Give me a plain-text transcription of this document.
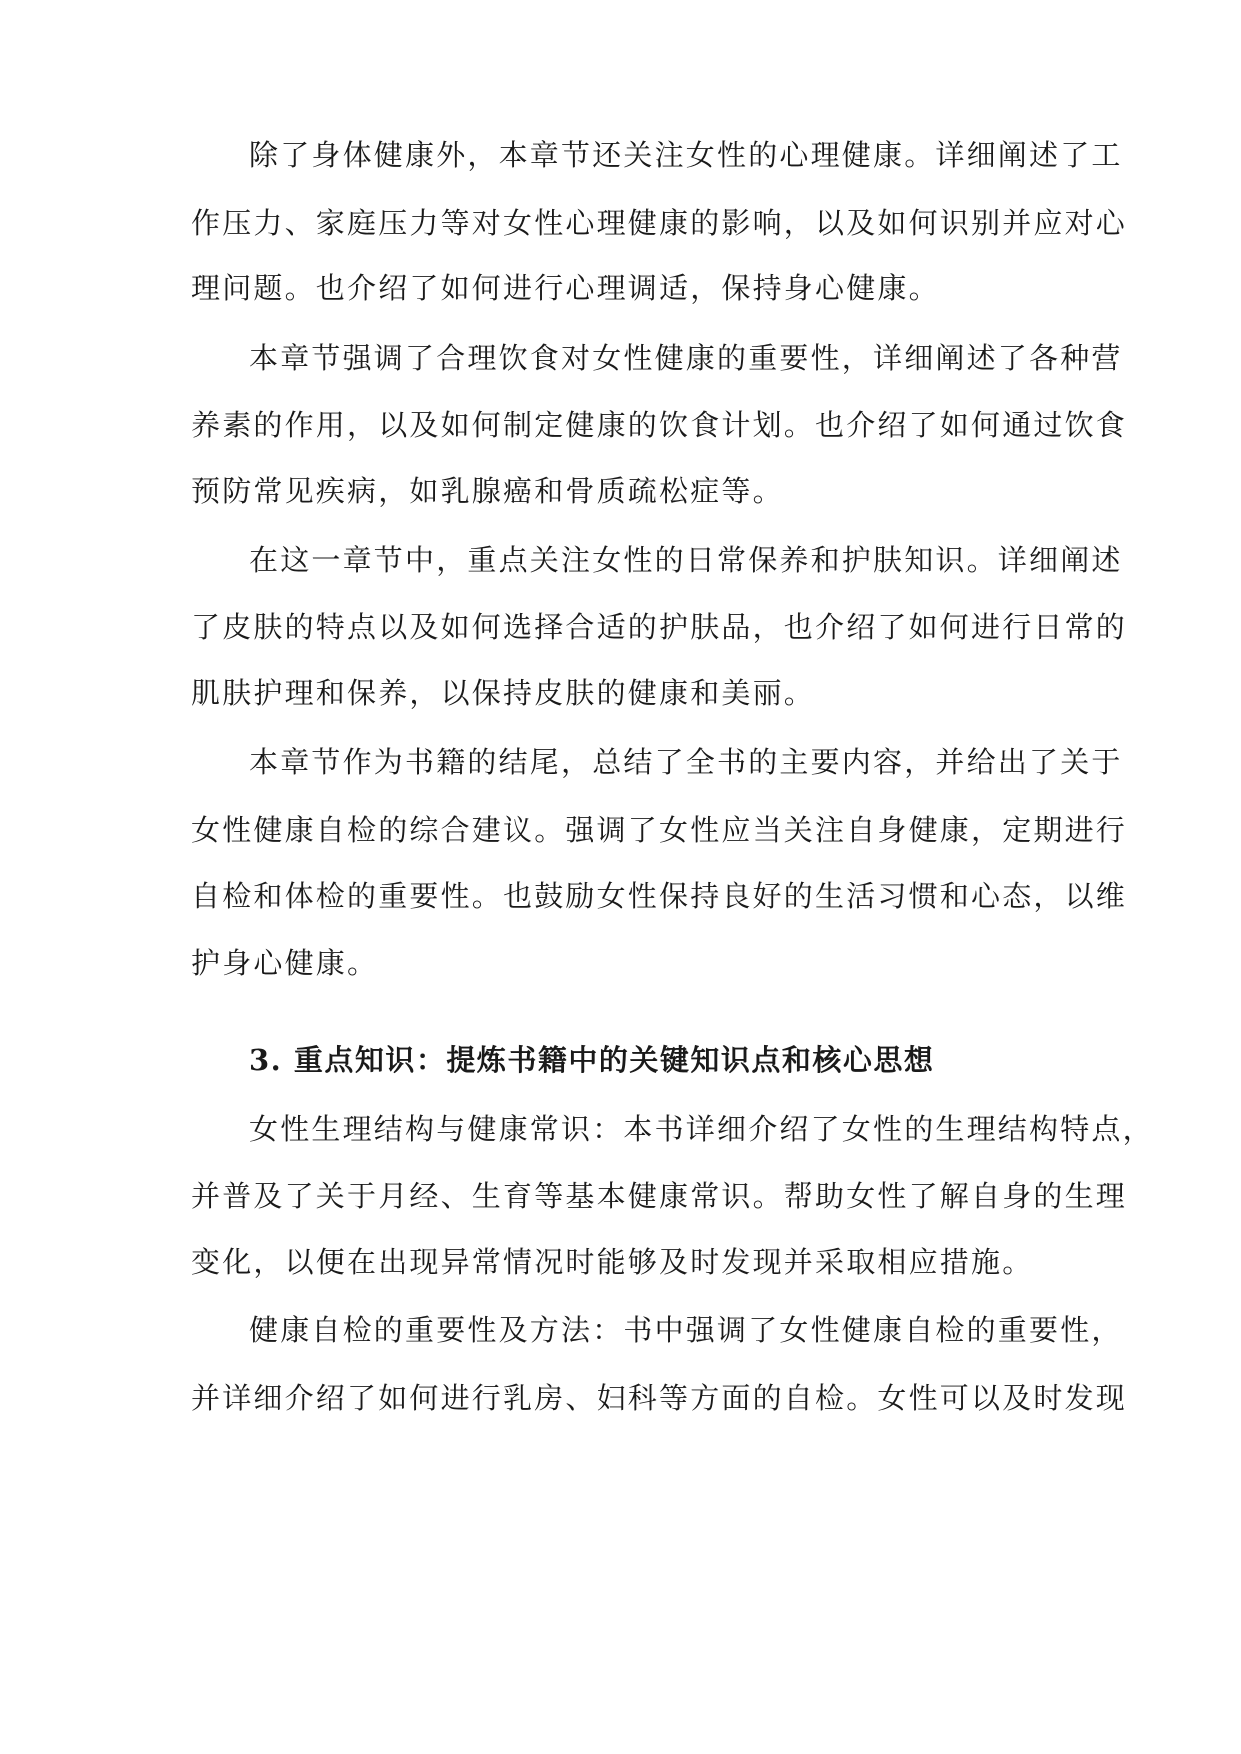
除了身体健康外，本章节还关注女性的心理健康。详细阐述了工
作压力、家庭压力等对女性心理健康的影响，以及如何识别并应对心
理问题。也介绍了如何进行心理调适，保持身心健康。
本章节强调了合理饮食对女性健康的重要性，详细阐述了各种营
养素的作用，以及如何制定健康的饮食计划。也介绍了如何通过饮食
预防常见疾病，如乳腺癌和骨质疏松症等。
在这一章节中，重点关注女性的日常保养和护肤知识。详细阐述
了皮肤的特点以及如何选择合适的护肤品，也介绍了如何进行日常的
肌肤护理和保养，以保持皮肤的健康和美丽。
本章节作为书籍的结尾，总结了全书的主要内容，并给出了关于
女性健康自检的综合建议。强调了女性应当关注自身健康，定期进行
自检和体检的重要性。也鼓励女性保持良好的生活习惯和心态，以维
护身心健康。
3. 重点知识：提炼书籍中的关键知识点和核心思想
女性生理结构与健康常识：本书详细介绍了女性的生理结构特点，
并普及了关于月经、生育等基本健康常识。帮助女性了解自身的生理
变化，以便在出现异常情况时能够及时发现并采取相应措施。
健康自检的重要性及方法：书中强调了女性健康自检的重要性，
并详细介绍了如何进行乳房、妇科等方面的自检。女性可以及时发现
